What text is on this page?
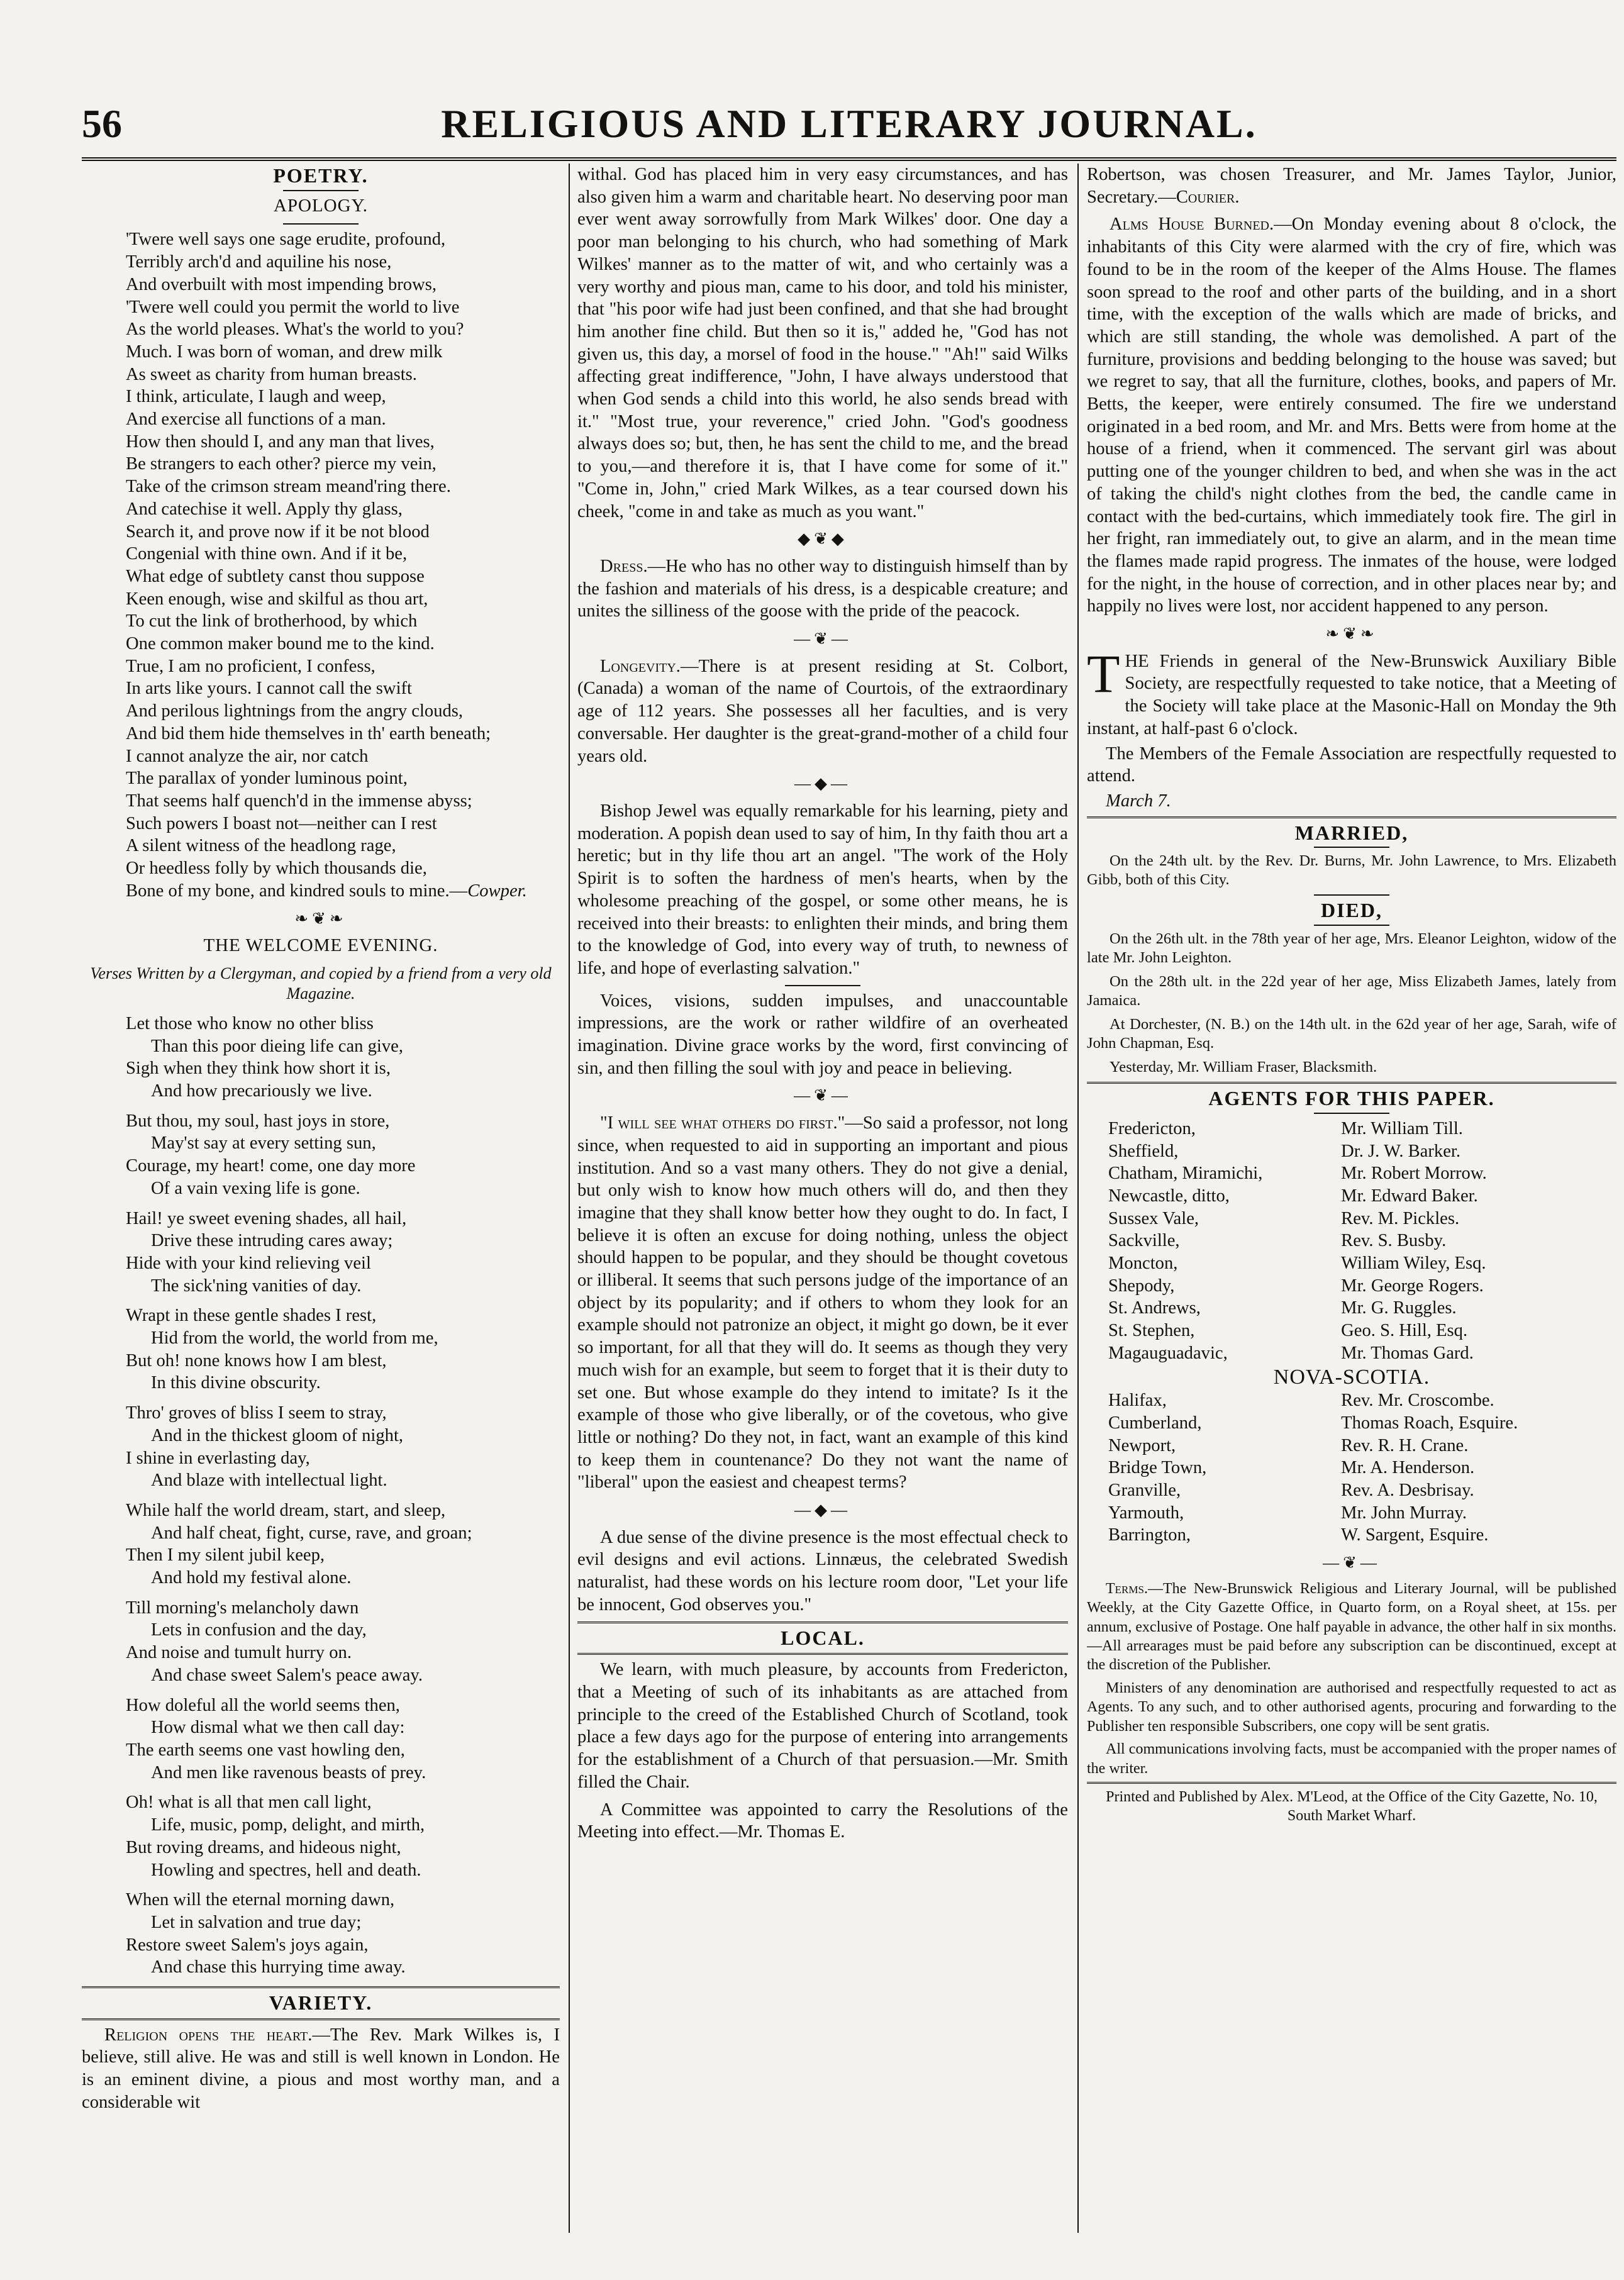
RELIGIOUS AND LITERARY JOURNAL.
56
POETRY.
APOLOGY.
'Twere well says one sage erudite, profound,
Terribly arch'd and aquiline his nose,
And overbuilt with most impending brows,
'Twere well could you permit the world to live
As the world pleases. What's the world to you?
Much. I was born of woman, and drew milk
As sweet as charity from human breasts.
I think, articulate, I laugh and weep,
And exercise all functions of a man.
How then should I, and any man that lives,
Be strangers to each other? pierce my vein,
Take of the crimson stream meand'ring there.
And catechise it well. Apply thy glass,
Search it, and prove now if it be not blood
Congenial with thine own. And if it be,
What edge of subtlety canst thou suppose
Keen enough, wise and skilful as thou art,
To cut the link of brotherhood, by which
One common maker bound me to the kind.
True, I am no proficient, I confess,
In arts like yours. I cannot call the swift
And perilous lightnings from the angry clouds,
And bid them hide themselves in th' earth beneath;
I cannot analyze the air, nor catch
The parallax of yonder luminous point,
That seems half quench'd in the immense abyss;
Such powers I boast not—neither can I rest
A silent witness of the headlong rage,
Or heedless folly by which thousands die,
Bone of my bone, and kindred souls to mine.—Cowper.
❧❦❧
THE WELCOME EVENING.
Verses Written by a Clergyman, and copied by a friend from a very old Magazine.
Let those who know no other bliss
Than this poor dieing life can give,
Sigh when they think how short it is,
And how precariously we live.
But thou, my soul, hast joys in store,
May'st say at every setting sun,
Courage, my heart! come, one day more
Of a vain vexing life is gone.
Hail! ye sweet evening shades, all hail,
Drive these intruding cares away;
Hide with your kind relieving veil
The sick'ning vanities of day.
Wrapt in these gentle shades I rest,
Hid from the world, the world from me,
But oh! none knows how I am blest,
In this divine obscurity.
Thro' groves of bliss I seem to stray,
And in the thickest gloom of night,
I shine in everlasting day,
And blaze with intellectual light.
While half the world dream, start, and sleep,
And half cheat, fight, curse, rave, and groan;
Then I my silent jubil keep,
And hold my festival alone.
Till morning's melancholy dawn
Lets in confusion and the day,
And noise and tumult hurry on.
And chase sweet Salem's peace away.
How doleful all the world seems then,
How dismal what we then call day:
The earth seems one vast howling den,
And men like ravenous beasts of prey.
Oh! what is all that men call light,
Life, music, pomp, delight, and mirth,
But roving dreams, and hideous night,
Howling and spectres, hell and death.
When will the eternal morning dawn,
Let in salvation and true day;
Restore sweet Salem's joys again,
And chase this hurrying time away.
VARIETY.

Religion opens the heart.—The Rev. Mark Wilkes is, I believe, still alive. He was and still is well known in London. He is an eminent divine, a pious and most worthy man, and a considerable wit

withal. God has placed him in very easy circumstances, and has also given him a warm and charitable heart. No deserving poor man ever went away sorrowfully from Mark Wilkes' door. One day a poor man belonging to his church, who had something of Mark Wilkes' manner as to the matter of wit, and who certainly was a very worthy and pious man, came to his door, and told his minister, that "his poor wife had just been confined, and that she had brought him another fine child. But then so it is," added he, "God has not given us, this day, a morsel of food in the house." "Ah!" said Wilks affecting great indifference, "John, I have always understood that when God sends a child into this world, he also sends bread with it." "Most true, your reverence," cried John. "God's goodness always does so; but, then, he has sent the child to me, and the bread to you,—and therefore it is, that I have come for some of it." "Come in, John," cried Mark Wilkes, as a tear coursed down his cheek, "come in and take as much as you want."

◆❦◆

Dress.—He who has no other way to distinguish himself than by the fashion and materials of his dress, is a despicable creature; and unites the silliness of the goose with the pride of the peacock.

—❦—

Longevity.—There is at present residing at St. Colbort, (Canada) a woman of the name of Courtois, of the extraordinary age of 112 years. She possesses all her faculties, and is very conversable. Her daughter is the great-grand-mother of a child four years old.

—◆—

Bishop Jewel was equally remarkable for his learning, piety and moderation. A popish dean used to say of him, In thy faith thou art a heretic; but in thy life thou art an angel. "The work of the Holy Spirit is to soften the hardness of men's hearts, when by the wholesome preaching of the gospel, or some other means, he is received into their breasts: to enlighten their minds, and bring them to the knowledge of God, into every way of truth, to newness of life, and hope of everlasting salvation."

Voices, visions, sudden impulses, and unaccountable impressions, are the work or rather wildfire of an overheated imagination. Divine grace works by the word, first convincing of sin, and then filling the soul with joy and peace in believing.

—❦—

"I will see what others do first."—So said a professor, not long since, when requested to aid in supporting an important and pious institution. And so a vast many others. They do not give a denial, but only wish to know how much others will do, and then they imagine that they shall know better how they ought to do. In fact, I believe it is often an excuse for doing nothing, unless the object should happen to be popular, and they should be thought covetous or illiberal. It seems that such persons judge of the importance of an object by its popularity; and if others to whom they look for an example should not patronize an object, it might go down, be it ever so important, for all that they will do. It seems as though they very much wish for an example, but seem to forget that it is their duty to set one. But whose example do they intend to imitate? Is it the example of those who give liberally, or of the covetous, who give little or nothing? Do they not, in fact, want an example of this kind to keep them in countenance? Do they not want the name of "liberal" upon the easiest and cheapest terms?

—◆—

A due sense of the divine presence is the most effectual check to evil designs and evil actions. Linnæus, the celebrated Swedish naturalist, had these words on his lecture room door, "Let your life be innocent, God observes you."

LOCAL.

We learn, with much pleasure, by accounts from Fredericton, that a Meeting of such of its inhabitants as are attached from principle to the creed of the Established Church of Scotland, took place a few days ago for the purpose of entering into arrangements for the establishment of a Church of that persuasion.—Mr. Smith filled the Chair.

A Committee was appointed to carry the Resolutions of the Meeting into effect.—Mr. Thomas E.

Robertson, was chosen Treasurer, and Mr. James Taylor, Junior, Secretary.—Courier.

Alms House Burned.—On Monday evening about 8 o'clock, the inhabitants of this City were alarmed with the cry of fire, which was found to be in the room of the keeper of the Alms House. The flames soon spread to the roof and other parts of the building, and in a short time, with the exception of the walls which are made of bricks, and which are still standing, the whole was demolished. A part of the furniture, provisions and bedding belonging to the house was saved; but we regret to say, that all the furniture, clothes, books, and papers of Mr. Betts, the keeper, were entirely consumed. The fire we understand originated in a bed room, and Mr. and Mrs. Betts were from home at the house of a friend, when it commenced. The servant girl was about putting one of the younger children to bed, and when she was in the act of taking the child's night clothes from the bed, the candle came in contact with the bed-curtains, which immediately took fire. The girl in her fright, ran immediately out, to give an alarm, and in the mean time the flames made rapid progress. The inmates of the house, were lodged for the night, in the house of correction, and in other places near by; and happily no lives were lost, nor accident happened to any person.

❧❦❧

THE Friends in general of the New-Brunswick Auxiliary Bible Society, are respectfully requested to take notice, that a Meeting of the Society will take place at the Masonic-Hall on Monday the 9th instant, at half-past 6 o'clock.

The Members of the Female Association are respectfully requested to attend.

March 7.

MARRIED,

On the 24th ult. by the Rev. Dr. Burns, Mr. John Lawrence, to Mrs. Elizabeth Gibb, both of this City.

DIED,

On the 26th ult. in the 78th year of her age, Mrs. Eleanor Leighton, widow of the late Mr. John Leighton.

On the 28th ult. in the 22d year of her age, Miss Elizabeth James, lately from Jamaica.

At Dorchester, (N. B.) on the 14th ult. in the 62d year of her age, Sarah, wife of John Chapman, Esq.

Yesterday, Mr. William Fraser, Blacksmith.

AGENTS FOR THIS PAPER.
Fredericton,	Mr. William Till.
Sheffield,	Dr. J. W. Barker.
Chatham, Miramichi,	Mr. Robert Morrow.
Newcastle, ditto,	Mr. Edward Baker.
Sussex Vale,	Rev. M. Pickles.
Sackville,	Rev. S. Busby.
Moncton,	William Wiley, Esq.
Shepody,	Mr. George Rogers.
St. Andrews,	Mr. G. Ruggles.
St. Stephen,	Geo. S. Hill, Esq.
Magauguadavic,	Mr. Thomas Gard.
NOVA-SCOTIA.
Halifax,	Rev. Mr. Croscombe.
Cumberland,	Thomas Roach, Esquire.
Newport,	Rev. R. H. Crane.
Bridge Town,	Mr. A. Henderson.
Granville,	Rev. A. Desbrisay.
Yarmouth,	Mr. John Murray.
Barrington,	W. Sargent, Esquire.
—❦—

Terms.—The New-Brunswick Religious and Literary Journal, will be published Weekly, at the City Gazette Office, in Quarto form, on a Royal sheet, at 15s. per annum, exclusive of Postage. One half payable in advance, the other half in six months.—All arrearages must be paid before any subscription can be discontinued, except at the discretion of the Publisher.

Ministers of any denomination are authorised and respectfully requested to act as Agents. To any such, and to other authorised agents, procuring and forwarding to the Publisher ten responsible Subscribers, one copy will be sent gratis.

All communications involving facts, must be accompanied with the proper names of the writer.

Printed and Published by Alex. M'Leod, at the Office of the City Gazette, No. 10, South Market Wharf.
